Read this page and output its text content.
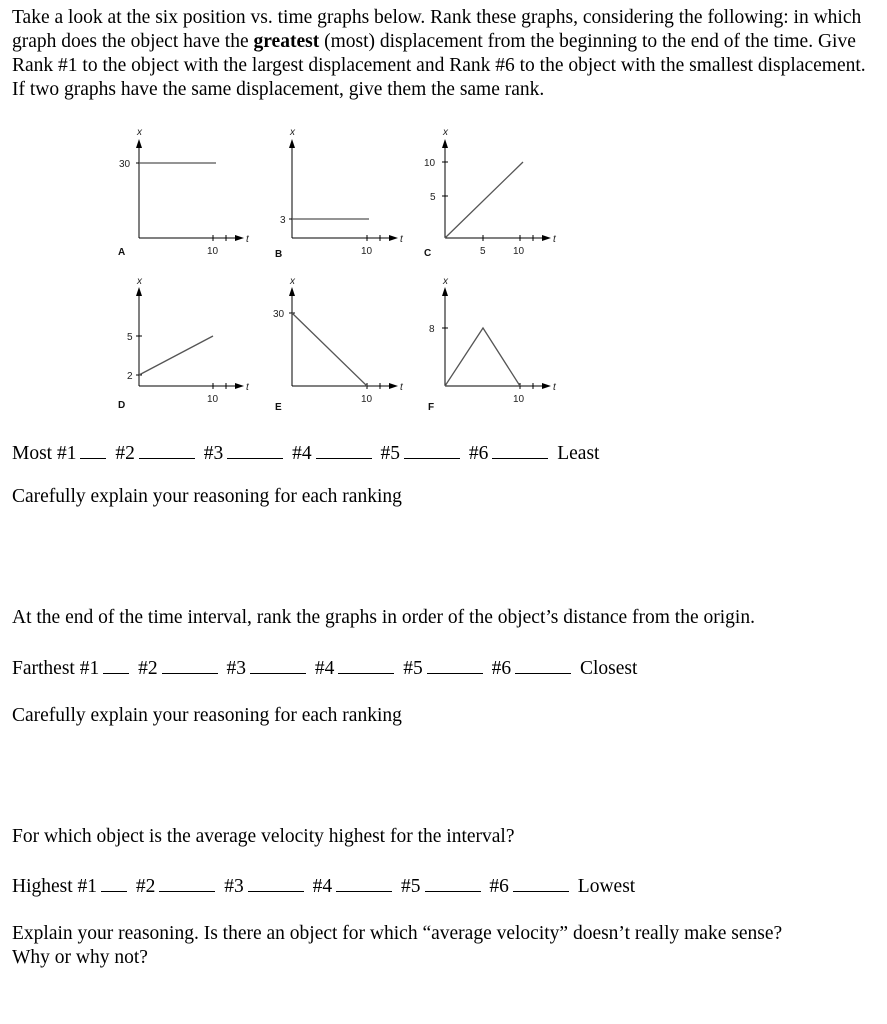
Take a look at the six position vs. time graphs below. Rank these graphs, considering the following: in which graph does the object have the greatest (most) displacement from the beginning to the end of the time. Give Rank #1 to the object with the largest displacement and Rank #6 to the object with the smallest displacement. If two graphs have the same displacement, give them the same rank.
x
t
30
10
A
x
t
3
10
B
x
t
10
5
5	10
C
x
t
5
2
10
D
x
t
30
10
E
x
t
8
10
F
Most #1 #2	#3	#4	#5	#6	Least
Carefully explain your reasoning for each ranking
At the end of the time interval, rank the graphs in order of the object’s distance from the origin.
Farthest #1 #2	#3	#4	#5	#6	Closest
Carefully explain your reasoning for each ranking
For which object is the average velocity highest for the interval?
Highest #1 #2	#3	#4	#5	#6	Lowest
Explain your reasoning. Is there an object for which “average velocity” doesn’t really make sense?
Why or why not?
